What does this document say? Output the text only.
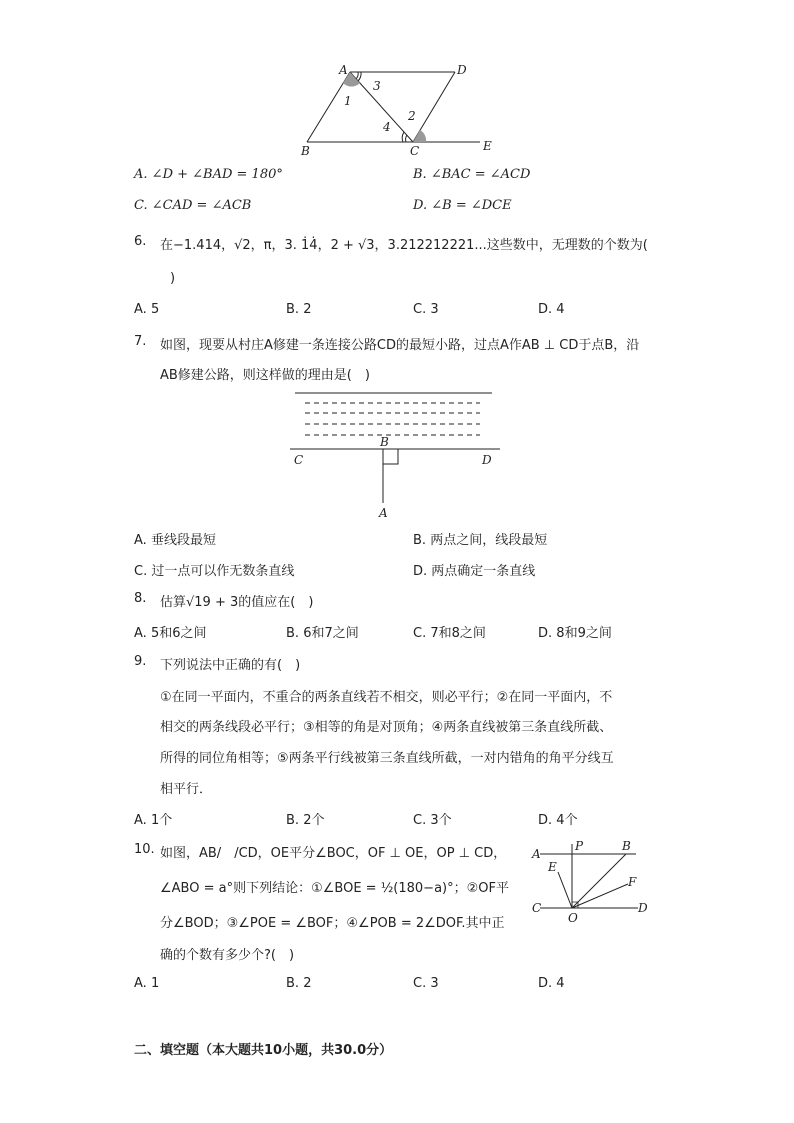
A	D
B	C	E
1
2
3
4
A. ∠D + ∠BAD = 180°	B. ∠BAC = ∠ACD
C. ∠CAD = ∠ACB	D. ∠B = ∠DCE
6. 在−1.414，√2，π，3. 1̇4̇，2 + √3，3.212212221...这些数中，无理数的个数为(
)
A. 5	B. 2	C. 3	D. 4
7. 如图，现要从村庄A修建一条连接公路CD的最短小路，过点A作AB ⊥ CD于点B，沿
AB修建公路，则这样做的理由是(　)
C	D
B
A
A. 垂线段最短	B. 两点之间，线段最短
C. 过一点可以作无数条直线	D. 两点确定一条直线
8. 估算√19 + 3的值应在(　)
A. 5和6之间	B. 6和7之间	C. 7和8之间	D. 8和9之间
9. 下列说法中正确的有(　)
①在同一平面内，不重合的两条直线若不相交，则必平行；②在同一平面内，不
相交的两条线段必平行；③相等的角是对顶角；④两条直线被第三条直线所截、
所得的同位角相等；⑤两条平行线被第三条直线所截，一对内错角的角平分线互
相平行．
A. 1个	B. 2个	C. 3个	D. 4个
10. 如图，AB/　/CD，OE平分∠BOC，OF ⊥ OE，OP ⊥ CD，
∠ABO = a°则下列结论：①∠BOE = ½(180−a)°；②OF平
分∠BOD；③∠POE = ∠BOF；④∠POB = 2∠DOF.其中正
确的个数有多少个?(　)
A
P	B
E
F
C
O
D
A. 1	B. 2	C. 3	D. 4
二、填空题（本大题共10小题，共30.0分）
